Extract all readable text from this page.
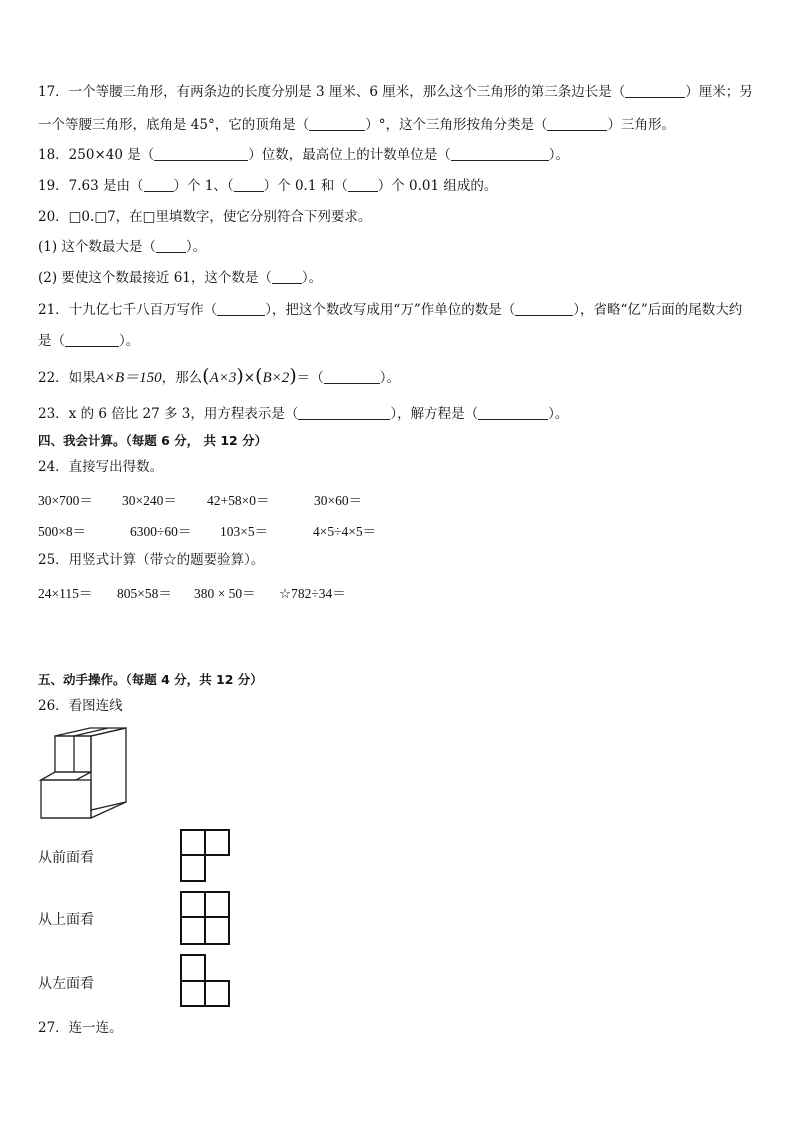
17．一个等腰三角形，有两条边的长度分别是 3 厘米、6 厘米，那么这个三角形的第三条边长是（	）厘米；另
一个等腰三角形，底角是 45°，它的顶角是（	）°，这个三角形按角分类是（	）三角形。
18．250×40 是（	）位数，最高位上的计数单位是（	）。
19．7.63 是由（ ）个 1、（ ）个 0.1 和（ ）个 0.01 组成的。
20．□0.□7，在□里填数字，使它分别符合下列要求。
(1) 这个数最大是（ ）。
(2) 要使这个数最接近 61，这个数是（ ）。
21．十九亿七千八百万写作（	），把这个数改写成用“万”作单位的数是（	），省略“亿”后面的尾数大约
是（	）。
22．如果A×B＝150，那么(A×3)×(B×2)＝（	）。
23．x 的 6 倍比 27 多 3，用方程表示是（	），解方程是（	）。
四、我会计算。（每题 6 分， 共 12 分）
24．直接写出得数。
30×700＝ 30×240＝ 42+58×0＝	30×60＝
500×8＝	6300÷60＝ 103×5＝	4×5÷4×5＝
25．用竖式计算（带☆的题要验算）。
24×115＝ 805×58＝ 380 × 50＝ ☆782÷34＝
五、动手操作。（每题 4 分，共 12 分）
26．看图连线
从前面看
从上面看
从左面看
27．连一连。
